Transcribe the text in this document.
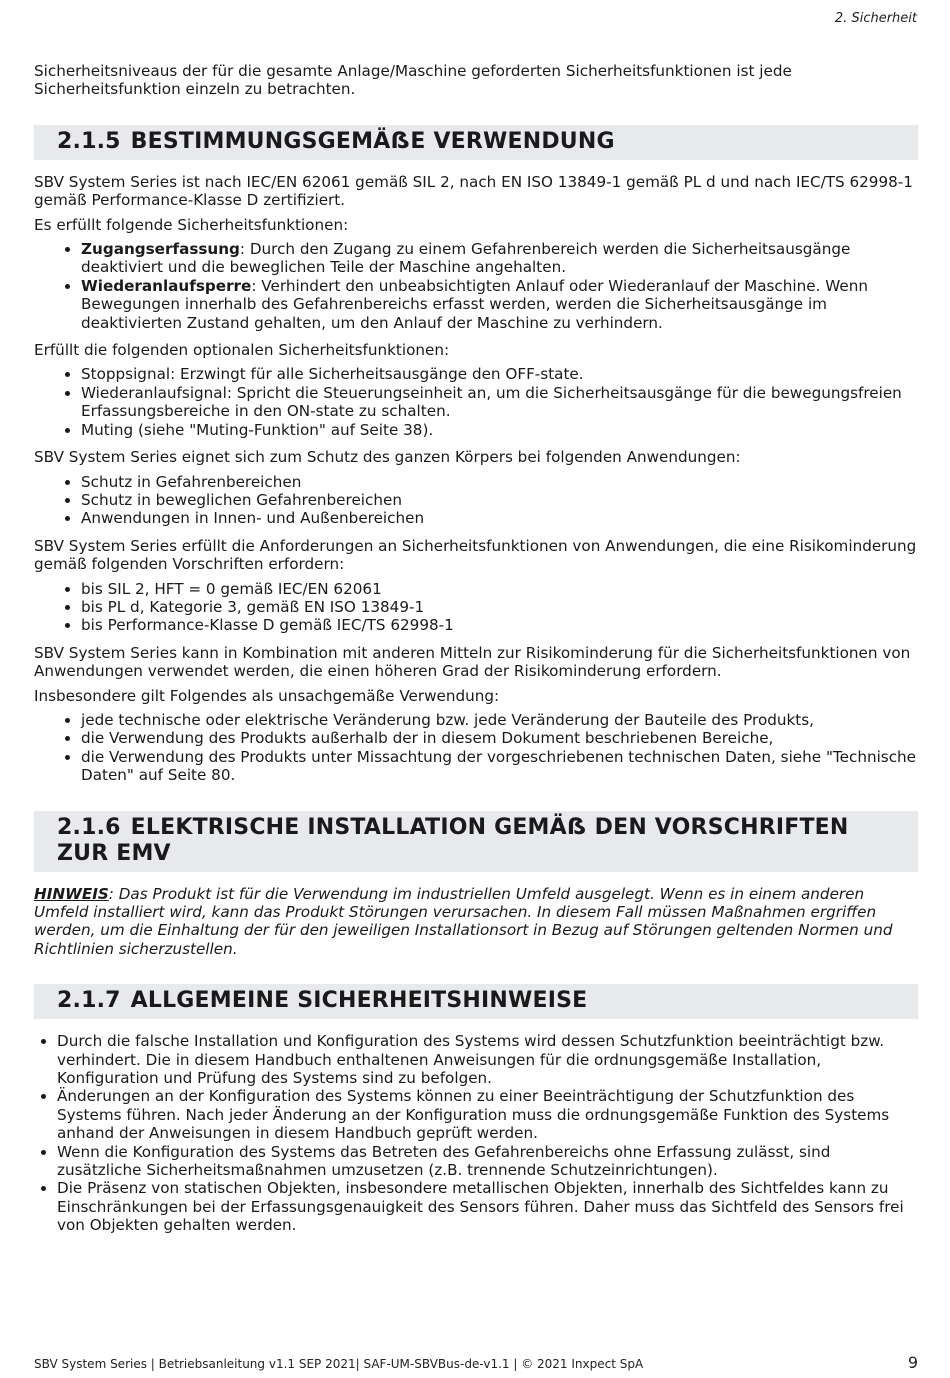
2. Sicherheit

Sicherheitsniveaus der für die gesamte Anlage/Maschine geforderten Sicherheitsfunktionen ist jede Sicherheitsfunktion einzeln zu betrachten.

2.1.5 BESTIMMUNGSGEMÄẞE VERWENDUNG

SBV System Series ist nach IEC/EN 62061 gemäß SIL 2, nach EN ISO 13849-1 gemäß PL d und nach IEC/TS 62998-1 gemäß Performance-Klasse D zertifiziert.

Es erfüllt folgende Sicherheitsfunktionen:

• Zugangserfassung: Durch den Zugang zu einem Gefahrenbereich werden die Sicherheitsausgänge deaktiviert und die beweglichen Teile der Maschine angehalten.
• Wiederanlaufsperre: Verhindert den unbeabsichtigten Anlauf oder Wiederanlauf der Maschine. Wenn Bewegungen innerhalb des Gefahrenbereichs erfasst werden, werden die Sicherheitsausgänge im deaktivierten Zustand gehalten, um den Anlauf der Maschine zu verhindern.

Erfüllt die folgenden optionalen Sicherheitsfunktionen:

• Stoppsignal: Erzwingt für alle Sicherheitsausgänge den OFF-state.
• Wiederanlaufsignal: Spricht die Steuerungseinheit an, um die Sicherheitsausgänge für die bewegungsfreien Erfassungsbereiche in den ON-state zu schalten.
• Muting (siehe "Muting-Funktion" auf Seite 38).

SBV System Series eignet sich zum Schutz des ganzen Körpers bei folgenden Anwendungen:

• Schutz in Gefahrenbereichen
• Schutz in beweglichen Gefahrenbereichen
• Anwendungen in Innen- und Außenbereichen

SBV System Series erfüllt die Anforderungen an Sicherheitsfunktionen von Anwendungen, die eine Risikominderung gemäß folgenden Vorschriften erfordern:

• bis SIL 2, HFT = 0 gemäß IEC/EN 62061
• bis PL d, Kategorie 3, gemäß EN ISO 13849-1
• bis Performance-Klasse D gemäß IEC/TS 62998-1

SBV System Series kann in Kombination mit anderen Mitteln zur Risikominderung für die Sicherheitsfunktionen von Anwendungen verwendet werden, die einen höheren Grad der Risikominderung erfordern.

Insbesondere gilt Folgendes als unsachgemäße Verwendung:

• jede technische oder elektrische Veränderung bzw. jede Veränderung der Bauteile des Produkts,
• die Verwendung des Produkts außerhalb der in diesem Dokument beschriebenen Bereiche,
• die Verwendung des Produkts unter Missachtung der vorgeschriebenen technischen Daten, siehe "Technische Daten" auf Seite 80.
2.1.6 ELEKTRISCHE INSTALLATION GEMÄẞ DEN VORSCHRIFTEN ZUR EMV

HINWEIS: Das Produkt ist für die Verwendung im industriellen Umfeld ausgelegt. Wenn es in einem anderen Umfeld installiert wird, kann das Produkt Störungen verursachen. In diesem Fall müssen Maßnahmen ergriffen werden, um die Einhaltung der für den jeweiligen Installationsort in Bezug auf Störungen geltenden Normen und Richtlinien sicherzustellen.

2.1.7 ALLGEMEINE SICHERHEITSHINWEISE
• Durch die falsche Installation und Konfiguration des Systems wird dessen Schutzfunktion beeinträchtigt bzw. verhindert. Die in diesem Handbuch enthaltenen Anweisungen für die ordnungsgemäße Installation, Konfiguration und Prüfung des Systems sind zu befolgen.
• Änderungen an der Konfiguration des Systems können zu einer Beeinträchtigung der Schutzfunktion des Systems führen. Nach jeder Änderung an der Konfiguration muss die ordnungsgemäße Funktion des Systems anhand der Anweisungen in diesem Handbuch geprüft werden.
• Wenn die Konfiguration des Systems das Betreten des Gefahrenbereichs ohne Erfassung zulässt, sind zusätzliche Sicherheitsmaßnahmen umzusetzen (z.B. trennende Schutzeinrichtungen).
• Die Präsenz von statischen Objekten, insbesondere metallischen Objekten, innerhalb des Sichtfeldes kann zu Einschränkungen bei der Erfassungsgenauigkeit des Sensors führen. Daher muss das Sichtfeld des Sensors frei von Objekten gehalten werden.
SBV System Series | Betriebsanleitung v1.1 SEP 2021| SAF-UM-SBVBus-de-v1.1 | © 2021 Inxpect SpA	9
